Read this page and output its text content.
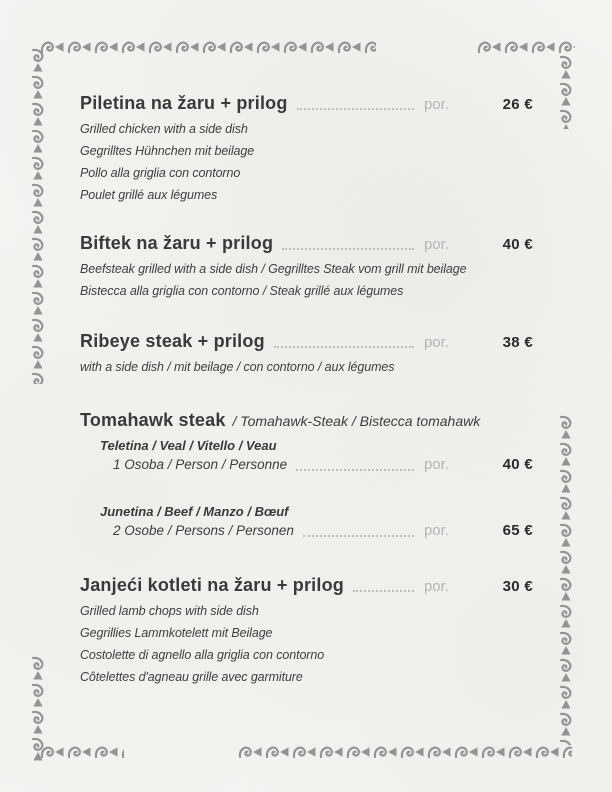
Piletina na žaru + prilog	por.	26 €

Grilled chicken with a side dish

Gegrilltes Hühnchen mit beilage

Pollo alla griglia con contorno

Poulet grillé aux légumes

Biftek na žaru + prilog	por.	40 €

Beefsteak grilled with a side dish / Gegrilltes Steak vom grill mit beilage

Bistecca alla griglia con contorno / Steak grillé aux légumes

Ribeye steak + prilog	por.	38 €

with a side dish / mit beilage / con contorno / aux légumes

Tomahawk steak / Tomahawk-Steak / Bistecca tomahawk

Teletina / Veal / Vitello / Veau

1 Osoba / Person / Personne	por.	40 €

Junetina / Beef / Manzo / Bœuf

2 Osobe / Persons / Personen	por.	65 €
Janjeći kotleti na žaru + prilog	por.	30 €

Grilled lamb chops with side dish

Gegrillies Lammkotelett mit Beilage

Costolette di agnello alla griglia con contorno

Côtelettes d'agneau grille avec garmiture
